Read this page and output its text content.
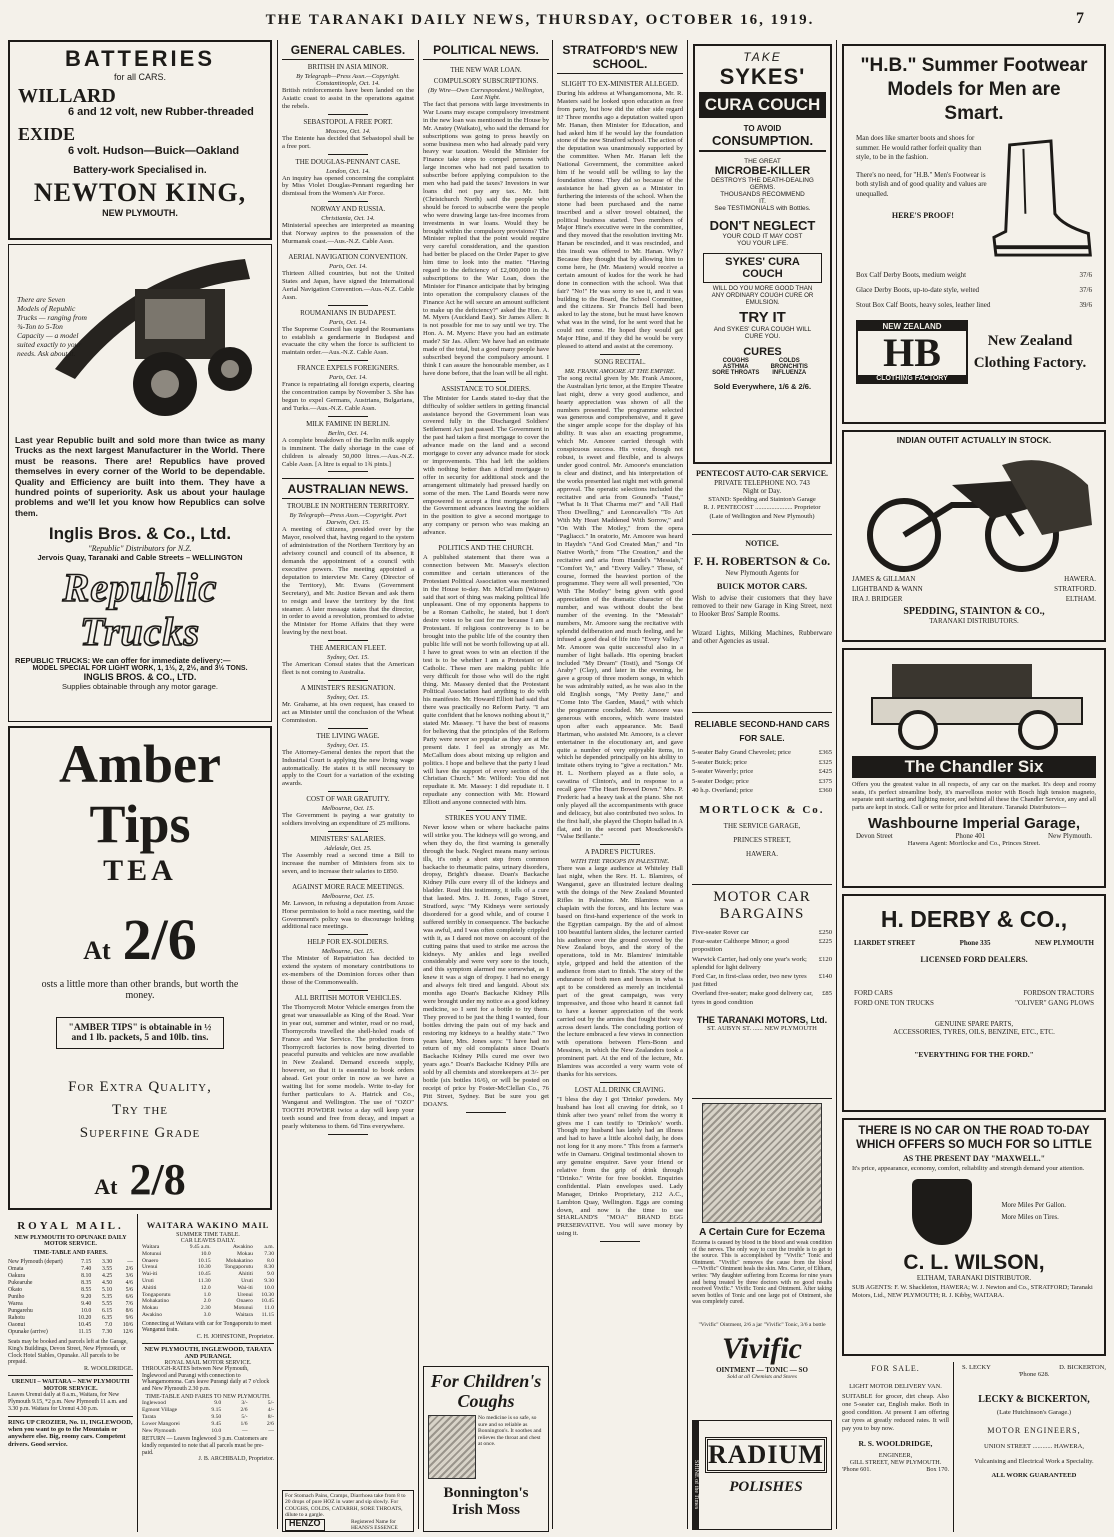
THE TARANAKI DAILY NEWS, THURSDAY, OCTOBER 16, 1919.	7
BATTERIES
for all CARS.
WILLARD
6 and 12 volt, new Rubber-threaded
EXIDE
6 volt. Hudson—Buick—Oakland
Battery-work Specialised in.
NEWTON KING,
NEW PLYMOUTH.
There are Seven Models of Republic Trucks — ranging from ¾-Ton to 5-Ton Capacity — a model suited exactly to your needs. Ask about it.
Last year Republic built and sold more than twice as many Trucks as the next largest Manufacturer in the World. There must be reasons. There are! Republics have proved themselves in every corner of the World to be dependable. Quality and Efficiency are built into them. They have a hundred points of superiority. Ask us about your haulage problems and we'll let you know how Republics can solve them.
Inglis Bros. & Co., Ltd.
"Republic" Distributors for N.Z.
Jervois Quay, Taranaki and Cable Streets – WELLINGTON
Republic Trucks
REPUBLIC TRUCKS: We can offer for immediate delivery:—
MODEL SPECIAL FOR LIGHT WORK, 1, 1½, 2, 2½, and 3½ TONS.
INGLIS BROS. & CO., LTD.
Supplies obtainable through any motor garage.
Amber Tips
TEA
At 2/6
osts a little more than other brands, but worth the money.
"AMBER TIPS" is obtainable in ½ and 1 lb. packets, 5 and 10lb. tins.
For Extra Quality,
Try the
Superfine Grade
At 2/8
ROYAL MAIL.
NEW PLYMOUTH TO OPUNAKE DAILY MOTOR SERVICE.
TIME-TABLE AND FARES.
New Plymouth (depart)	7.15	3.30	—
Omata	7.40	3.55	2/6
Oakura	8.10	4.25	3/6
Pukearuhe	8.35	4.50	4/6
Okato	8.55	5.10	5/6
Puniho	9.20	5.35	6/6
Warea	9.40	5.55	7/6
Pungarehu	10.0	6.15	8/6
Rahotu	10.20	6.35	9/6
Oaonui	10.45	7.0	10/6
Opunake (arrive)	11.15	7.30	12/6
Seats may be booked and parcels left at the Garage, King's Buildings, Devon Street, New Plymouth, or Clock Hotel Stables, Opunake. All parcels to be prepaid.
R. WOOLDRIDGE.
URENUI – WAITARA – NEW PLYMOUTH MOTOR SERVICE.
Leaves Urenui daily at 8 a.m., Waitara, for New Plymouth 9.15, *2 p.m. New Plymouth 11 a.m. and 3.30 p.m. Waitara for Urenui 4.30 p.m.
RING UP CROZIER, No. 11, INGLEWOOD, when you want to go to the Mountain or anywhere else. Big, roomy cars. Competent drivers. Good service.
WAITARA WAKINO MAIL
SUMMER TIME TABLE.
CAR LEAVES DAILY.
Waitara	9.45 a.m.	Awakino	a.m.
Motunui	10.0	Mokau	7.30
Onaero	10.15	Mohakatino	8.0
Urenui	10.30	Tongaporutu	8.30
Wai-iti	10.45	Ahititi	9.0
Uruti	11.30	Uruti	9.30
Ahititi	12.0	Wai-iti	10.0
Tongaporutu	1.0	Urenui	10.30
Mohakatino	2.0	Onaero	10.45
Mokau	2.30	Motunui	11.0
Awakino	3.0	Waitara	11.15
Connecting at Waitara with car for Tongaporutu to meet Wanganui train.
C. H. JOHNSTONE, Proprietor.
NEW PLYMOUTH, INGLEWOOD, TARATA AND PURANGI.
ROYAL MAIL MOTOR SERVICE.
THROUGH-RATES between New Plymouth, Inglewood and Purangi with connection to Whangamomona. Cars leave Purangi daily at 7 o'clock and New Plymouth 2.30 p.m.
TIME-TABLE AND FARES TO NEW PLYMOUTH.
Inglewood	9.0	3/-	5/-
Egmont Village	9.15	2/6	4/-
Tarata	9.50	5/-	8/-
Lower Mangorei	9.45	1/6	2/6
New Plymouth	10.0	—	—
RETURN — Leaves Inglewood 3 p.m. Customers are kindly requested to note that all parcels must be pre-paid.
J. B. ARCHIBALD, Proprietor.
GENERAL CABLES.
BRITISH IN ASIA MINOR.
By Telegraph—Press Assn.—Copyright. Constantinople, Oct. 14.
British reinforcements have been landed on the Asiatic coast to assist in the operations against the rebels.
SEBASTOPOL A FREE PORT.
Moscow, Oct. 14.
The Entente has decided that Sebastopol shall be a free port.
THE DOUGLAS-PENNANT CASE.
London, Oct. 14.
An inquiry has opened concerning the complaint by Miss Violet Douglas-Pennant regarding her dismissal from the Women's Air Force.
NORWAY AND RUSSIA.
Christiania, Oct. 14.
Ministerial speeches are interpreted as meaning that Norway aspires to the possession of the Murmansk coast.—Aus.-N.Z. Cable Assn.
AERIAL NAVIGATION CONVENTION.
Paris, Oct. 14.
Thirteen Allied countries, but not the United States and Japan, have signed the International Aerial Navigation Convention.—Aus.-N.Z. Cable Assn.
ROUMANIANS IN BUDAPEST.
Paris, Oct. 14.
The Supreme Council has urged the Roumanians to establish a gendarmerie in Budapest and evacuate the city when the force is sufficient to maintain order.—Aus.-N.Z. Cable Assn.
FRANCE EXPELS FOREIGNERS.
Paris, Oct. 14.
France is repatriating all foreign experts, clearing the concentration camps by November 3. She has begun to expel Germans, Austrians, Bulgarians, and Turks.—Aus.-N.Z. Cable Assn.
MILK FAMINE IN BERLIN.
Berlin, Oct. 14.
A complete breakdown of the Berlin milk supply is imminent. The daily shortage in the case of children is already 50,000 litres.—Aus.-N.Z. Cable Assn. [A litre is equal to 1¾ pints.]
AUSTRALIAN NEWS.
TROUBLE IN NORTHERN TERRITORY.
By Telegraph—Press Assn.—Copyright. Port Darwin, Oct. 15.
A meeting of citizens, presided over by the Mayor, resolved that, having regard to the system of administration of the Northern Territory by an advisory council and council of its absence, it demands the appointment of a council with executive powers. The meeting appointed a deputation to interview Mr. Carey (Director of the Territory), Mr. Evans (Government Secretary), and Mr. Justice Bevan and ask them to resign and leave the territory by the first steamer. A later message states that the director, in order to avoid a revolution, promised to advise the Minister for Home Affairs that they were leaving by the next boat.
THE AMERICAN FLEET.
Sydney, Oct. 15.
The American Consul states that the American fleet is not coming to Australia.
A MINISTER'S RESIGNATION.
Sydney, Oct. 15.
Mr. Grahame, at his own request, has ceased to act as Minister until the conclusion of the Wheat Commission.
THE LIVING WAGE.
Sydney, Oct. 15.
The Attorney-General denies the report that the Industrial Court is applying the new living wage automatically. He states it is still necessary to apply to the Court for a variation of the existing awards.
COST OF WAR GRATUITY.
Melbourne, Oct. 15.
The Government is paying a war gratuity to soldiers involving an expenditure of 25 millions.
MINISTERS' SALARIES.
Adelaide, Oct. 15.
The Assembly read a second time a Bill to increase the number of Ministers from six to seven, and to increase their salaries to £850.
AGAINST MORE RACE MEETINGS.
Melbourne, Oct. 15.
Mr. Lawson, in refusing a deputation from Anzac Horse permission to hold a race meeting, said the Government's policy was to discourage holding additional race meetings.
HELP FOR EX-SOLDIERS.
Melbourne, Oct. 15.
The Minister of Repatriation has decided to extend the system of monetary contributions to ex-members of the Dominion forces other than those of the Commonwealth.
ALL BRITISH MOTOR VEHICLES.
The Thornycroft Motor Vehicle emerges from the great war unassailable as King of the Road. Year in year out, summer and winter, road or no road, Thornycrofts travelled the shell-holed roads of France and War Service. The production from Thornycroft factories is now being diverted to peaceful pursuits and vehicles are now available in New Zealand. Demand exceeds supply, however, so that it is essential to book orders ahead. Get your order in now as we have a waiting list for some models. Write to-day for further particulars to A. Hatrick and Co., Wanganui and Wellington. The use of "OZO" TOOTH POWDER twice a day will keep your teeth sound and free from decay, and impart a pearly whiteness to them. 6d Tins everywhere.
For Stomach Pains, Cramps, Diarrhoea take from 8 to 20 drops of pure HOZ in water and sip slowly. For COUGHS, COLDS, CATARRH, SORE THROATS, dilute to a gargle.
HENZO	Registered Name for HEANS'S ESSENCE
POLITICAL NEWS.
THE NEW WAR LOAN.
COMPULSORY SUBSCRIPTIONS.
(By Wire—Own Correspondent.) Wellington, Last Night.
The fact that persons with large investments in War Loans may escape compulsory investment in the new loan was mentioned in the House by Mr. Anstey (Waikato), who said the demand for subscriptions was going to press heavily on some business men who had already paid very heavy war taxation. Would the Minister for Finance take steps to compel persons with large incomes who had not paid taxation to subscribe before applying compulsion to the men who had paid the taxes? Investors in war loans did not pay any tax. Mr. Isitt (Christchurch North) said the people who should be forced to subscribe were the people who were drawing large tax-free incomes from investments in war loans. Would they be brought within the compulsory provisions? The Minister replied that the point would require very careful consideration, and the question had better be placed on the Order Paper to give him time to look into the matter. "Having regard to the deficiency of £2,000,000 in the subscriptions to the War Loan, does the Minister for Finance anticipate that by bringing into operation the compulsory clauses of the Finance Act he will secure an amount sufficient to make up the deficiency?" asked the Hon. A. M. Myers (Auckland East). Sir James Allen: It is not possible for me to say until we try. The Hon. A. M. Myers: Have you had an estimate made? Sir Jas. Allen: We have had an estimate made of the total, but a good many people have subscribed beyond the compulsory amount. I think I can assure the honourable member, as I have done before, that the loan will be all right.
ASSISTANCE TO SOLDIERS.
The Minister for Lands stated to-day that the difficulty of soldier settlers in getting financial assistance beyond the Government loan was covered fully in the Discharged Soldiers' Settlement Act just passed. The Government in the past had taken a first mortgage to cover the advance made on the land and a second mortgage to cover any advance made for stock or improvements. This had left the soldiers with nothing better than a third mortgage to offer in security for additional stock and the arrangement ultimately had pressed hardly on some of the men. The Land Boards were now empowered to accept a first mortgage for all the Government advances leaving the soldiers in the position to give a second mortgage to any company or person who was making an advance.
POLITICS AND THE CHURCH.
A published statement that there was a connection between Mr. Massey's election committee and certain utterances of the Protestant Political Association was mentioned in the House to-day. Mr. McCallum (Wairau) said that sort of thing was making political life unpleasant. One of my opponents happens to be a Roman Catholic, he stated, but I don't desire votes to be cast for me because I am a Protestant. If religious controversy is to be brought into the public life of the country then public life will not be worth following up at all. I have to great woes to win an election if the test is to be whether I am a Protestant or a Catholic. These men are making public life very difficult for those who will do the right thing. Mr. Massey denied that the Protestant Political Association had anything to do with his manifesto. Mr. Howard Elliott had said that there was practically no Reform Party. "I am quite confident that he knows nothing about it," stated Mr. Massey. "I have the best of reasons for believing that the principles of the Reform Party were never so popular as they are at the present date. I feel as strongly as Mr. McCallum does about mixing up religion and politics. I hope and believe that the party I lead will have the support of every section of the Christian Church." Mr. Wilford: You did not repudiate it. Mr. Massey: I did repudiate it. I repudiate any connection with Mr. Howard Elliott and anyone connected with him.
STRIKES YOU ANY TIME.
Never know when or where backache pains will strike you. The kidneys will go wrong, and when they do, the first warning is generally through the back. Neglect means many serious ills, it's only a short step from common backache to rheumatic pains, urinary disorders, dropsy, Bright's disease. Doan's Backache Kidney Pills cure every ill of the kidneys and bladder. Read this testimony, it tells of a cure that lasted. Mrs. J. H. Jones, Fago Street, Stratford, says: "My Kidneys were seriously disordered for a good while, and of course I suffered terribly in consequence. The backache was awful, and I was often completely crippled with it, as I dared not move on account of the cutting pains that used to strike me across the kidneys. My ankles and legs swelled considerably and were very sore to the touch, and this symptom alarmed me somewhat, as I knew it was a sign of dropsy. I had no energy and always felt tired and languid. About six months ago Doan's Backache Kidney Pills were brought under my notice as a good kidney medicine, so I sent for a bottle to try them. They proved to be just the thing I wanted, four bottles driving the pain out of my back and restoring my kidneys to a healthy state." Two years later, Mrs. Jones says: "I have had no return of my old complaints since Doan's Backache Kidney Pills cured me over two years ago." Doan's Backache Kidney Pills are sold by all chemists and storekeepers at 3/- per bottle (six bottles 16/6), or will be posted on receipt of price by Foster-McClellan Co., 76 Pitt Street, Sydney. But be sure you get DOAN'S.
For Children's Coughs
No medicine is so safe, so sure and so reliable as Bonnington's. It soothes and relieves the throat and chest at once.
Bonnington's Irish Moss
STRATFORD'S NEW SCHOOL.
SLIGHT TO EX-MINISTER ALLEGED.
During his address at Whangamomona, Mr. R. Masters said he looked upon education as free from party, but how did the other side regard it? Three months ago a deputation waited upon Mr. Hanan, then Minister for Education, and had asked him if he would lay the foundation stone of the new Stratford school. The action of the deputation was unanimously supported by the committee. When Mr. Hanan left the National Government, the committee asked him if he would still be willing to lay the foundation stone. They did so because of the assistance he had given as a Minister in furthering the interests of the school. When the stone had been purchased and the name inscribed and a silver trowel obtained, the political business started. Two members of Major Hine's executive were in the committee, and they moved that the resolution inviting Mr. Hanan be rescinded, and it was rescinded, and this insult was offered to Mr. Hanan. Why? Because they thought that by allowing him to come here, he (Mr. Masters) would receive a certain amount of kudos for the work he had done in connection with the school. Was that fair? "No!" He was sorry to see it, and it was building to the Board, the School Committee, and the citizens. Sir Francis Bell had been asked to lay the stone, but he must have known what was in the wind, for he sent word that he could not come. He hoped they would get Major Hine, and if they did he would be very pleased to attend and assist at the ceremony.
SONG RECITAL.
MR. FRANK AMOORE AT THE EMPIRE.
The song recital given by Mr. Frank Amoore, the Australian lyric tenor, at the Empire Theatre last night, drew a very good audience, and hearty appreciation was shown of all the numbers presented. The programme selected was generous and comprehensive, and it gave the singer ample scope for the display of his ability. It was also an exacting programme, which Mr. Amoore carried through with conspicuous success. His voice, though not robust, is sweet and flexible, and is always under good control. Mr. Amoore's enunciation is clear and distinct, and his interpretation of the works presented last night met with general approval. The operatic selections included the recitative and aria from Gounod's "Faust," "What Is It That Charms me?" and "All Hail Thou Dwelling," and Leoncavallo's "To Art With My Heart Maddened With Sorrow," and "On With The Motley," from the opera "Pagliacci." In oratorio, Mr. Amoore was heard in Haydn's "And God Created Man," and "In Native Worth," from "The Creation," and the recitative and aria from Handel's "Messiah," "Comfort Ye," and "Every Valley." These, of course, formed the heaviest portion of the programme. They were all well presented, "On With The Motley" being given with good appreciation of the dramatic character of the number, and was without doubt the best number of the evening. In the "Messiah" numbers, Mr. Amoore sang the recitative with splendid deliberation and much feeling, and he infused a good deal of life into "Every Valley." Mr. Amoore was quite successful also in a number of light ballads. His opening bracket included "My Dream" (Tosti), and "Songs Of Araby" (Clay), and later in the evening, he gave a group of three modern songs, in which he was admirably suited, as he was also in the old English songs, "My Pretty Jane," and "Come Into The Garden, Maud," with which the programme concluded. Mr. Amoore was generous with encores, which were insisted upon after each appearance. Mr. Basil Hartman, who assisted Mr. Amoore, is a clever entertainer in the elocutionary art, and gave quite a number of very enjoyable items, in which he depended principally on his ability to imitate others trying to "give a recitation." Mr. H. L. Northern played as a flute solo, a cavatina of Clinton's, and in response to a recall gave "The Heart Bowed Down." Mrs. P. Frederic had a heavy task at the piano. She not only played all the accompaniments with grace and delicacy, but also contributed two solos. In the first half, she played the Chopin ballad in A flat, and in the second part Moszkowski's "Valse Brillante."
A PADRE'S PICTURES.
WITH THE TROOPS IN PALESTINE.
There was a large audience at Whiteley Hall last night, when the Rev. H. L. Blamires, of Wanganui, gave an illustrated lecture dealing with the doings of the New Zealand Mounted Rifles in Palestine. Mr. Blamires was a chaplain with the forces, and his lecture was based on first-hand experience of the work in the Egyptian campaign. By the aid of almost 100 beautiful lantern slides, the lecturer carried his audience over the ground covered by the New Zealand boys, and the story of the operations, told in Mr. Blamires' inimitable style, gripped and held the attention of the audience from start to finish. The story of the endurance of both men and horses in what is apt to be considered as merely an incidental part of the great campaign, was very impressive, and those who heard it cannot fail to have a keener appreciation of the work carried out by the armies that fought their way across desert lands. The concluding portion of the lecture embraced a few views in connection with operations between Flers-Bonn and Messines, in which the New Zealanders took a prominent part. At the end of the lecture, Mr. Blamires was accorded a very warm vote of thanks for his services.
LOST ALL DRINK CRAVING.
"I bless the day I got 'Drinko' powders. My husband has lost all craving for drink, so I think after two years' relief from the worry it gives me I can testify to 'Drinko's' worth. Though my husband has lately had an illness and had to have a little alcohol daily, he does not long for it any more." This from a farmer's wife in Oamaru. Original testimonial shown to any genuine enquirer. Save your friend or relative from the grip of drink through "Drinko." Write for free booklet. Enquiries confidential. Plain envelopes used. Lady Manager, Drinko Proprietary, 212 A.C., Lambton Quay, Wellington. Eggs are coming down, and now is the time to use SHARLAND'S "MOA" BRAND EGG PRESERVATIVE. You will save money by using it.
TAKE
SYKES'
CURA COUCH
TO AVOID
CONSUMPTION.
THE GREAT
MICROBE-KILLER
DESTROYS THE DEATH-DEALING GERMS.
THOUSANDS RECOMMEND IT.
See TESTIMONIALS with Bottles.
DON'T NEGLECT
YOUR COLD IT MAY COST YOU YOUR LIFE.
SYKES' CURA COUCH
WILL DO YOU MORE GOOD THAN ANY ORDINARY COUGH CURE OR EMULSION.
TRY IT
And SYKES' CURA COUGH WILL CURE YOU.
CURES
COUGHS	COLDS
ASTHMA	BRONCHITIS
SORE THROATS	INFLUENZA
Sold Everywhere, 1/6 & 2/6.
PENTECOST AUTO-CAR SERVICE.
PRIVATE TELEPHONE NO. 743
Night or Day.
STAND: Spedding and Stainton's Garage
R. J. PENTECOST ....................... Proprietor
(Late of Wellington and New Plymouth)
NOTICE.
F. H. ROBERTSON & Co.
New Plymouth Agents for
BUICK MOTOR CARS.
Wish to advise their customers that they have removed to their new Garage in King Street, next to Hooker Bros' Sample Rooms.
Wizard Lights, Milking Machines, Rubberware and other Agencies as usual.
RELIABLE SECOND-HAND CARS FOR SALE.
5-seater Baby Grand Chevrolet; price	£365
5-seater Buick; price	£325
5-seater Waverly; price	£425
5-seater Dodge; price	£375
40 h.p. Overland; price	£360
MORTLOCK & Co.
THE SERVICE GARAGE,
PRINCES STREET,
HAWERA.
MOTOR CAR BARGAINS
Five-seater Rover car	£250
Four-seater Calthorpe Minor; a good proposition
£225
Warwick Carrier, had only one year's work; splendid for light delivery
£120
Ford Car, in first-class order, two new tyres just fitted
£140
Overland five-seater; make good delivery car, tyres in good condition
£85
THE TARANAKI MOTORS, Ltd.
ST. AUBYN ST. ...... NEW PLYMOUTH
A Certain Cure for Eczema
Eczema is caused by blood in the blood and weak condition of the nerves. The only way to cure the trouble is to get to the source. This is accomplished by "Vivific" Tonic and Ointment. "Vivific" removes the cause from the blood—"Vivific" Ointment heals the skin. Mrs. Carter, of Eltham, writes: "My daughter suffering from Eczema for nine years and being treated by three doctors with no good results received Vivific." Vivific Tonic and Ointment. After taking seven bottles of Tonic and one large pot of Ointment, she was completely cured.
"Vivific" Ointment, 2/6 a jar "Vivific" Tonic, 3/6 a bottle
Vivific
OINTMENT — TONIC — SO
Sold at all Chemists and Stores
SHINE of the Times
RADIUM
POLISHES
"H.B." Summer Footwear Models for Men are Smart.
Man does like smarter boots and shoes for summer. He would rather forfeit quality than style, to be in the fashion.
There's no need, for "H.B." Men's Footwear is both stylish and of good quality and values are unequalled.
HERE'S PROOF!
Box Calf Derby Boots, medium weight	37/6
Glace Derby Boots, up-to-date style, welted	37/6
Stout Box Calf Boots, heavy soles, leather lined	39/6
NEW ZEALAND
HB
CLOTHING FACTORY
New Zealand Clothing Factory.
INDIAN OUTFIT ACTUALLY IN STOCK.
JAMES & GILLMAN	HAWERA.
LIGHTBAND & WANN	STRATFORD.
IRA J. BRIDGER	ELTHAM.
SPEDDING, STAINTON & CO.,
TARANAKI DISTRIBUTORS.
The Chandler Six
Offers you the greatest value in all respects, of any car on the market. It's deep and roomy seats, it's perfect streamline body, it's marvellous motor with Bosch high tension magneto, separate unit starting and lighting motor, and behind all these the Chandler Service, any and all parts are kept in stock. Call or write for price and literature. Taranaki Distributors—
Washbourne Imperial Garage,
Devon Street	Phone 401	New Plymouth.
Hawera Agent: Mortlocke and Co., Princes Street.
H. DERBY & CO.,
LIARDET STREET	Phone 335	NEW PLYMOUTH
LICENSED FORD DEALERS.
FORD CARS
FORD ONE TON TRUCKS
FORDSON TRACTORS
"OLIVER" GANG PLOWS
GENUINE SPARE PARTS,
ACCESSORIES, TYRES, OILS, BENZINE, ETC., ETC.
"EVERYTHING FOR THE FORD."
THERE IS NO CAR ON THE ROAD TO-DAY WHICH OFFERS SO MUCH FOR SO LITTLE
AS THE PRESENT DAY "MAXWELL."
It's price, appearance, economy, comfort, reliability and strength demand your attention.
More Miles Per Gallon.
More Miles on Tires.
C. L. WILSON,
ELTHAM, TARANAKI DISTRIBUTOR.
SUB AGENTS: F. W. Shackleton, HAWERA; W. J. Newton and Co., STRATFORD; Taranaki Motors, Ltd., NEW PLYMOUTH; R. J. Kibby, WAITARA.
FOR SALE.
LIGHT MOTOR DELIVERY VAN.
SUITABLE for grocer, dirt cheap. Also one 5-seater car, English make. Both in good condition. At present I am offering car tyres at greatly reduced rates. It will pay you to buy now.
R. S. WOOLDRIDGE,
ENGINEER,
GILL STREET, NEW PLYMOUTH.
'Phone 601.	Box 170.
S. LECKY	D. BICKERTON,
'Phone 628.
LECKY & BICKERTON,
(Late Hutchinson's Garage.)
MOTOR ENGINEERS,
UNION STREET ............ HAWERA,
Vulcanising and Electrical Work a Speciality.
ALL WORK GUARANTEED
